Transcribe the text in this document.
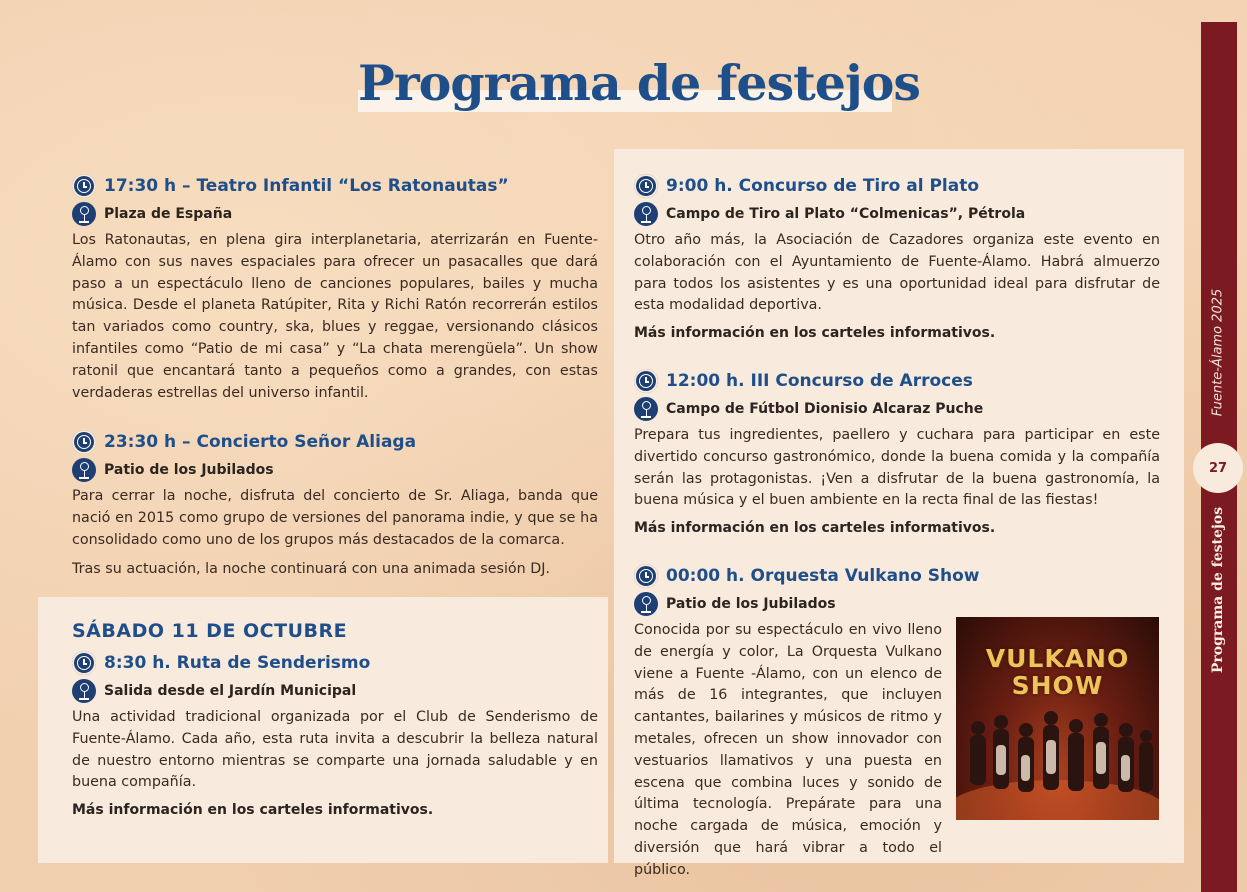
Programa de festejos
17:30 h – Teatro Infantil “Los Ratonautas”
Plaza de España
Los Ratonautas, en plena gira interplanetaria, aterrizarán en Fuente-Álamo con sus naves espaciales para ofrecer un pasacalles que dará paso a un espectáculo lleno de canciones populares, bailes y mucha música. Desde el planeta Ratúpiter, Rita y Richi Ratón recorrerán estilos tan variados como country, ska, blues y reggae, versionando clásicos infantiles como “Patio de mi casa” y “La chata merengüela”. Un show ratonil que encantará tanto a pequeños como a grandes, con estas verdaderas estrellas del universo infantil.
23:30 h – Concierto Señor Aliaga
Patio de los Jubilados
Para cerrar la noche, disfruta del concierto de Sr. Aliaga, banda que nació en 2015 como grupo de versiones del panorama indie, y que se ha consolidado como uno de los grupos más destacados de la comarca.
Tras su actuación, la noche continuará con una animada sesión DJ.
SÁBADO 11 DE OCTUBRE
8:30 h. Ruta de Senderismo
Salida desde el Jardín Municipal
Una actividad tradicional organizada por el Club de Senderismo de Fuente-Álamo. Cada año, esta ruta invita a descubrir la belleza natural de nuestro entorno mientras se comparte una jornada saludable y en buena compañía.
Más información en los carteles informativos.
9:00 h. Concurso de Tiro al Plato
Campo de Tiro al Plato “Colmenicas”, Pétrola
Otro año más, la Asociación de Cazadores organiza este evento en colaboración con el Ayuntamiento de Fuente-Álamo. Habrá almuerzo para todos los asistentes y es una oportunidad ideal para disfrutar de esta modalidad deportiva.
Más información en los carteles informativos.
12:00 h. III Concurso de Arroces
Campo de Fútbol Dionisio Alcaraz Puche
Prepara tus ingredientes, paellero y cuchara para participar en este divertido concurso gastronómico, donde la buena comida y la compañía serán las protagonistas. ¡Ven a disfrutar de la buena gastronomía, la buena música y el buen ambiente en la recta final de las fiestas!
Más información en los carteles informativos.
00:00 h. Orquesta Vulkano Show
Patio de los Jubilados
Conocida por su espectáculo en vivo lleno de energía y color, La Orquesta Vulkano viene a Fuente -Álamo, con un elenco de más de 16 integrantes, que incluyen cantantes, bailarines y músicos de ritmo y metales, ofrecen un show innovador con vestuarios llamativos y una puesta en escena que combina luces y sonido de última tecnología. Prepárate para una noche cargada de música, emoción y diversión que hará vibrar a todo el público.
VULKANO SHOW
Fuente-Álamo 2025
27
Programa de festejos
